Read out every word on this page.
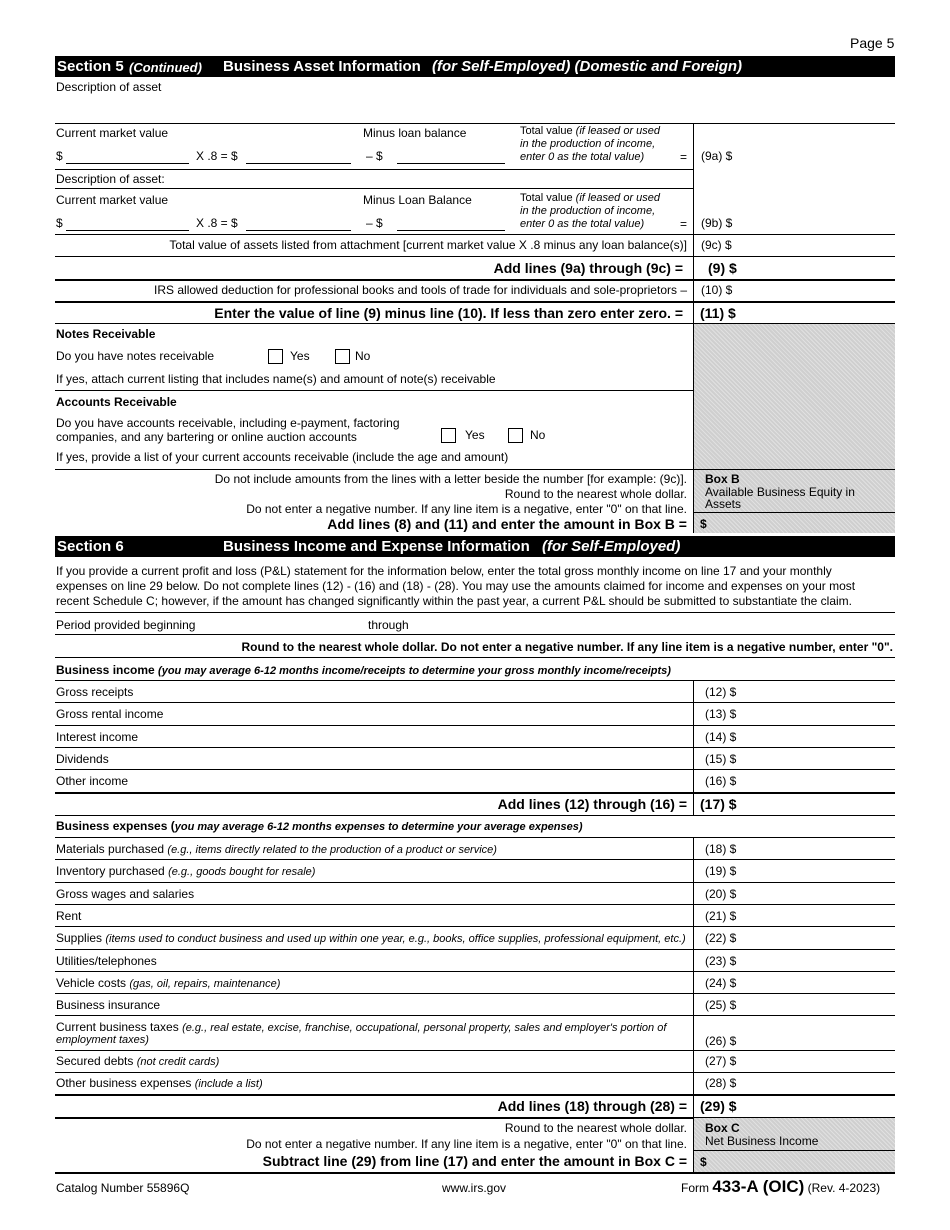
Page 5
Section 5 (Continued) Business Asset Information (for Self-Employed) (Domestic and Foreign)
Description of asset
Current market value	Minus loan balance	Total value (if leased or used
in the production of income,
enter 0 as the total value)
$	X .8 = $	– $	= (9a) $
Description of asset:
Current market value	Minus Loan Balance	Total value (if leased or used
in the production of income,
enter 0 as the total value)
$	X .8 = $	– $	= (9b) $
Total value of assets listed from attachment [current market value X .8 minus any loan balance(s)] (9c) $
Add lines (9a) through (9c) = (9) $
IRS allowed deduction for professional books and tools of trade for individuals and sole-proprietors – (10) $
Enter the value of line (9) minus line (10). If less than zero enter zero. = (11) $
Notes Receivable
Do you have notes receivable	Yes	No
If yes, attach current listing that includes name(s) and amount of note(s) receivable
Accounts Receivable
Do you have accounts receivable, including e-payment, factoring
companies, and any bartering or online auction accounts	Yes	No
If yes, provide a list of your current accounts receivable (include the age and amount)
Do not include amounts from the lines with a letter beside the number [for example: (9c)].
Round to the nearest whole dollar.
Do not enter a negative number. If any line item is a negative, enter "0" on that line.
Add lines (8) and (11) and enter the amount in Box B =
Box B
Available Business Equity in
Assets
$
Section 6	Business Income and Expense Information (for Self-Employed)
If you provide a current profit and loss (P&L) statement for the information below, enter the total gross monthly income on line 17 and your monthly
expenses on line 29 below. Do not complete lines (12) - (16) and (18) - (28). You may use the amounts claimed for income and expenses on your most
recent Schedule C; however, if the amount has changed significantly within the past year, a current P&L should be submitted to substantiate the claim.
Period provided beginning	through
Round to the nearest whole dollar. Do not enter a negative number. If any line item is a negative number, enter "0".
Business income (you may average 6-12 months income/receipts to determine your gross monthly income/receipts)
Gross receipts	(12) $
Gross rental income	(13) $
Interest income	(14) $
Dividends	(15) $
Other income	(16) $
Add lines (12) through (16) = (17) $
Business expenses (you may average 6-12 months expenses to determine your average expenses)
Materials purchased (e.g., items directly related to the production of a product or service)	(18) $
Inventory purchased (e.g., goods bought for resale)	(19) $
Gross wages and salaries	(20) $
Rent	(21) $
Supplies (items used to conduct business and used up within one year, e.g., books, office supplies, professional equipment, etc.) (22) $
Utilities/telephones	(23) $
Vehicle costs (gas, oil, repairs, maintenance)	(24) $
Business insurance	(25) $
Current business taxes (e.g., real estate, excise, franchise, occupational, personal property, sales and employer's portion of
employment taxes)	(26) $
Secured debts (not credit cards)	(27) $
Other business expenses (include a list)	(28) $
Add lines (18) through (28) = (29) $
Round to the nearest whole dollar.
Do not enter a negative number. If any line item is a negative, enter "0" on that line.
Subtract line (29) from line (17) and enter the amount in Box C =
Box C
Net Business Income
$
Catalog Number 55896Q	www.irs.gov	Form 433-A (OIC) (Rev. 4-2023)
